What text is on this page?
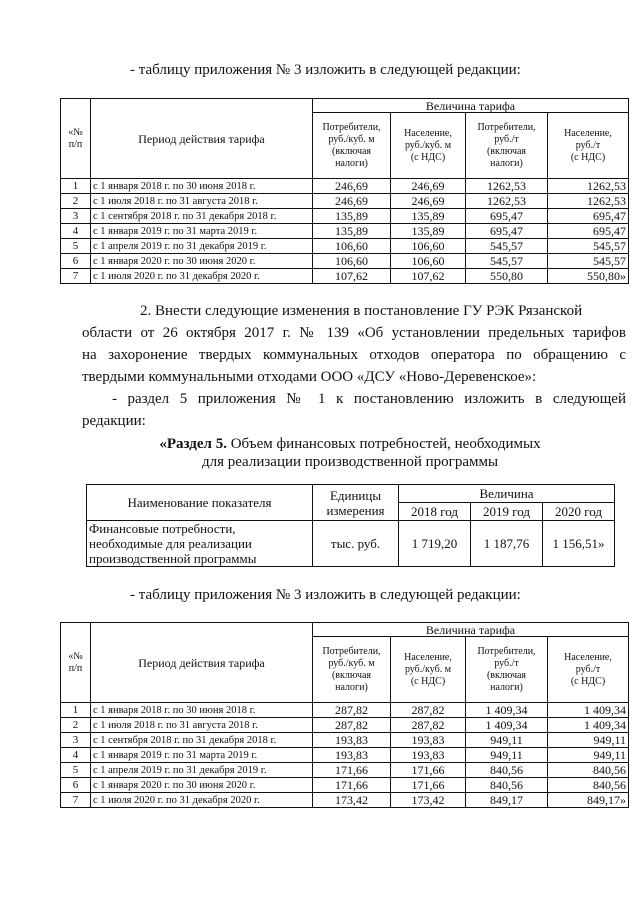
- таблицу приложения № 3 изложить в следующей редакции:
«№
п/п	Период действия тарифа	Величина тарифа			
		Потребители,
руб./куб. м
(включая
налоги)	Население,
руб./куб. м
(с НДС)	Потребители,
руб./т
(включая
налоги)	Население,
руб./т
(с НДС)
1	с 1 января 2018 г. по 30 июня 2018 г.	246,69	246,69	1262,53	1262,53
2	с 1 июля 2018 г. по 31 августа 2018 г.	246,69	246,69	1262,53	1262,53
3	с 1 сентября 2018 г. по 31 декабря 2018 г.	135,89	135,89	695,47	695,47
4	с 1 января 2019 г. по 31 марта 2019 г.	135,89	135,89	695,47	695,47
5	с 1 апреля 2019 г. по 31 декабря 2019 г.	106,60	106,60	545,57	545,57
6	с 1 января 2020 г. по 30 июня 2020 г.	106,60	106,60	545,57	545,57
7	с 1 июля 2020 г. по 31 декабря 2020 г.	107,62	107,62	550,80	550,80»
2. Внести следующие изменения в постановление ГУ РЭК Рязанской
области от 26 октября 2017 г. № 139 «Об установлении предельных тарифов
на захоронение твердых коммунальных отходов оператора по обращению с
твердыми коммунальными отходами ООО «ДСУ «Ново-Деревенское»:
- раздел 5 приложения № 1 к постановлению изложить в следующей
редакции:
«Раздел 5. Объем финансовых потребностей, необходимых
для реализации производственной программы
Наименование показателя	Единицы
измерения	Величина		
		2018 год	2019 год	2020 год
Финансовые потребности,
необходимые для реализации
производственной программы	тыс. руб.	1 719,20	1 187,76	1 156,51»
- таблицу приложения № 3 изложить в следующей редакции:
«№
п/п	Период действия тарифа	Величина тарифа			
		Потребители,
руб./куб. м
(включая
налоги)	Население,
руб./куб. м
(с НДС)	Потребители,
руб./т
(включая
налоги)	Население,
руб./т
(с НДС)
1	с 1 января 2018 г. по 30 июня 2018 г.	287,82	287,82	1 409,34	1 409,34
2	с 1 июля 2018 г. по 31 августа 2018 г.	287,82	287,82	1 409,34	1 409,34
3	с 1 сентября 2018 г. по 31 декабря 2018 г.	193,83	193,83	949,11	949,11
4	с 1 января 2019 г. по 31 марта 2019 г.	193,83	193,83	949,11	949,11
5	с 1 апреля 2019 г. по 31 декабря 2019 г.	171,66	171,66	840,56	840,56
6	с 1 января 2020 г. по 30 июня 2020 г.	171,66	171,66	840,56	840,56
7	с 1 июля 2020 г. по 31 декабря 2020 г.	173,42	173,42	849,17	849,17»
